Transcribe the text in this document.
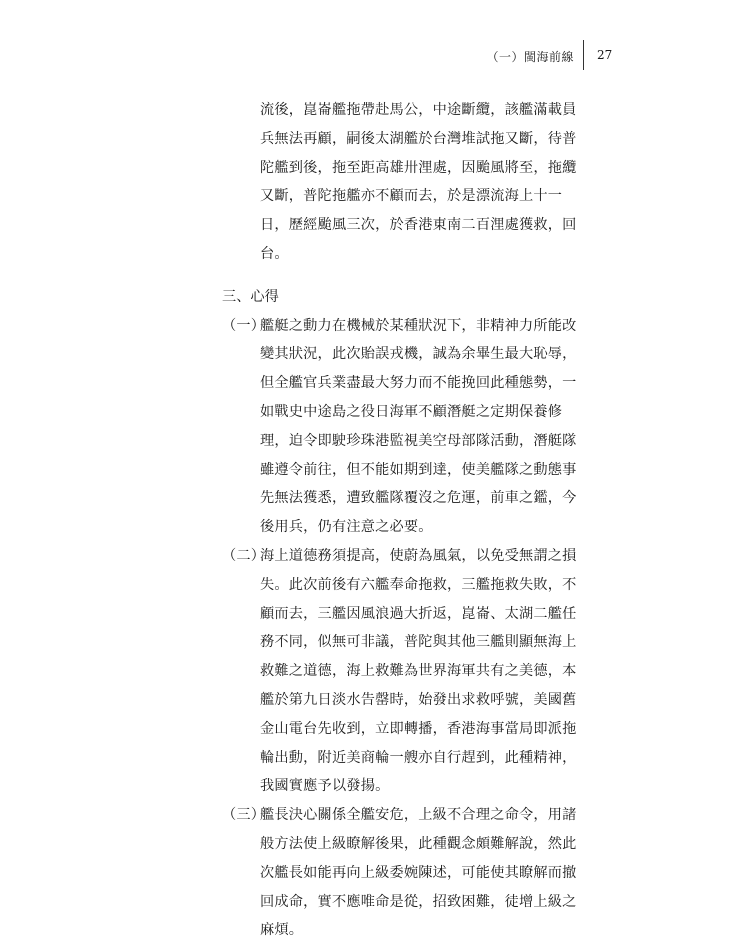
（一）閩海前線 27

流後，崑崙艦拖帶赴馬公，中途斷纜，該艦滿載員兵無法再顧，嗣後太湖艦於台灣堆試拖又斷，待普陀艦到後，拖至距高雄卅浬處，因颱風將至，拖纜又斷，普陀拖艦亦不顧而去，於是漂流海上十一日，歷經颱風三次，於香港東南二百浬處獲救，回台。

三、心得
（一）
艦艇之動力在機械於某種狀況下，非精神力所能改變其狀況，此次貽誤戎機，誠為余畢生最大恥辱，但全艦官兵業盡最大努力而不能挽回此種態勢，一如戰史中途島之役日海軍不顧潛艇之定期保養修理，迫令即駛珍珠港監視美空母部隊活動，潛艇隊雖遵令前往，但不能如期到達，使美艦隊之動態事先無法獲悉，遭致艦隊覆沒之危運，前車之鑑，今後用兵，仍有注意之必要。
（二）
海上道德務須提高，使蔚為風氣，以免受無謂之損失。此次前後有六艦奉命拖救，三艦拖救失敗，不顧而去，三艦因風浪過大折返，崑崙、太湖二艦任務不同，似無可非議，普陀與其他三艦則顯無海上救難之道德，海上救難為世界海軍共有之美德，本艦於第九日淡水告罄時，始發出求救呼號，美國舊金山電台先收到，立即轉播，香港海事當局即派拖輪出動，附近美商輪一艘亦自行趕到，此種精神，我國實應予以發揚。
（三）
艦長決心關係全艦安危，上級不合理之命令，用諸般方法使上級瞭解後果，此種觀念頗難解說，然此次艦長如能再向上級委婉陳述，可能使其瞭解而撤回成命，實不應唯命是從，招致困難，徒增上級之麻煩。
